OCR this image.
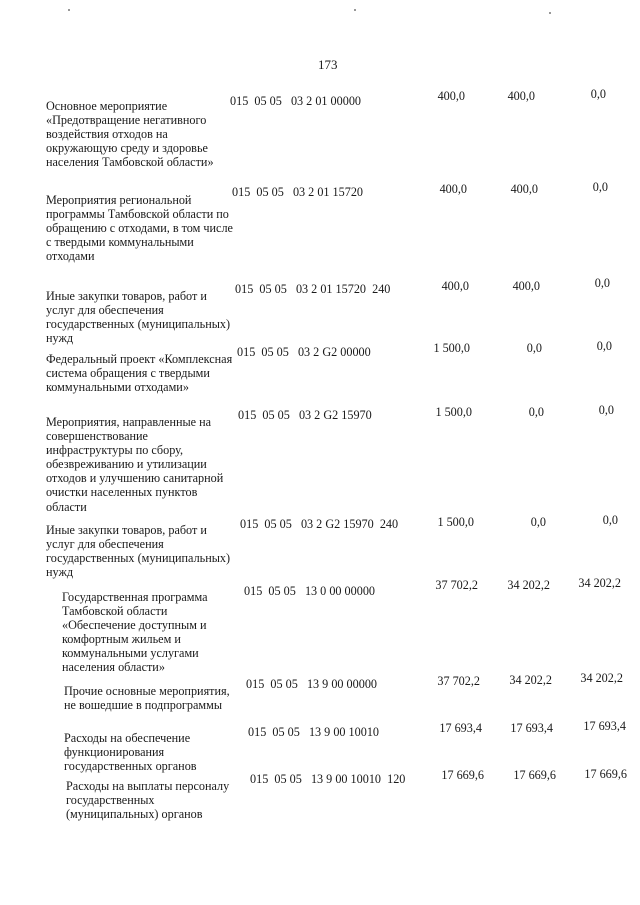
173
Основное мероприятие «Предотвращение негативного воздействия отходов на окружающую среду и здоровье населения Тамбовской области»
015  05 05   03 2 01 00000	400,0	400,0	0,0
Мероприятия региональной программы Тамбовской области по обращению с отходами, в том числе с твердыми коммунальными отходами
015  05 05   03 2 01 15720	400,0	400,0	0,0
Иные закупки товаров, работ и услуг для обеспечения государственных (муниципальных) нужд
015  05 05   03 2 01 15720  240	400,0	400,0	0,0
Федеральный проект «Комплексная система обращения с твердыми коммунальными отходами»
015  05 05   03 2 G2 00000	1 500,0	0,0	0,0
Мероприятия, направленные на совершенствование инфраструктуры по сбору, обезвреживанию и утилизации отходов и улучшению санитарной очистки населенных пунктов области
015  05 05   03 2 G2 15970	1 500,0	0,0	0,0
Иные закупки товаров, работ и услуг для обеспечения государственных (муниципальных) нужд
015  05 05   03 2 G2 15970  240	1 500,0	0,0	0,0
Государственная программа Тамбовской области «Обеспечение доступным и комфортным жильем и коммунальными услугами населения области»
015  05 05   13 0 00 00000	37 702,2	34 202,2	34 202,2
Прочие основные мероприятия, не вошедшие в подпрограммы
015  05 05   13 9 00 00000	37 702,2	34 202,2	34 202,2
Расходы на обеспечение функционирования государственных органов
015  05 05   13 9 00 10010	17 693,4	17 693,4	17 693,4
Расходы на выплаты персоналу государственных (муниципальных) органов
015  05 05   13 9 00 10010  120	17 669,6	17 669,6	17 669,6
